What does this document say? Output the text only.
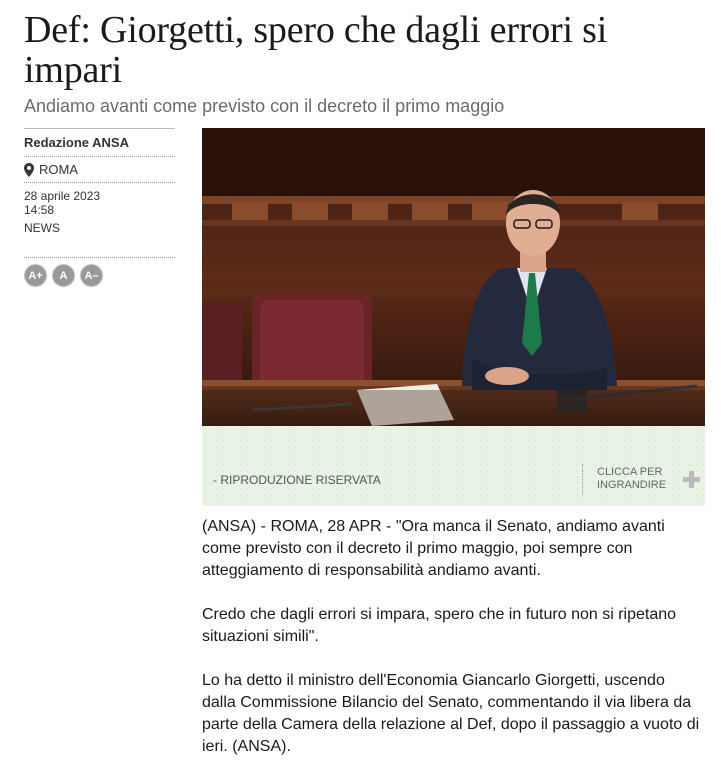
Def: Giorgetti, spero che dagli errori si impari
Andiamo avanti come previsto con il decreto il primo maggio
Redazione ANSA
ROMA
28 aprile 2023
14:58
NEWS
A+	A	A–
- RIPRODUZIONE RISERVATA
CLICCA PER INGRANDIRE

(ANSA) - ROMA, 28 APR - "Ora manca il Senato, andiamo avanti come previsto con il decreto il primo maggio, poi sempre con atteggiamento di responsabilità andiamo avanti.

Credo che dagli errori si impara, spero che in futuro non si ripetano situazioni simili".

Lo ha detto il ministro dell'Economia Giancarlo Giorgetti, uscendo dalla Commissione Bilancio del Senato, commentando il via libera da parte della Camera della relazione al Def, dopo il passaggio a vuoto di ieri. (ANSA).
